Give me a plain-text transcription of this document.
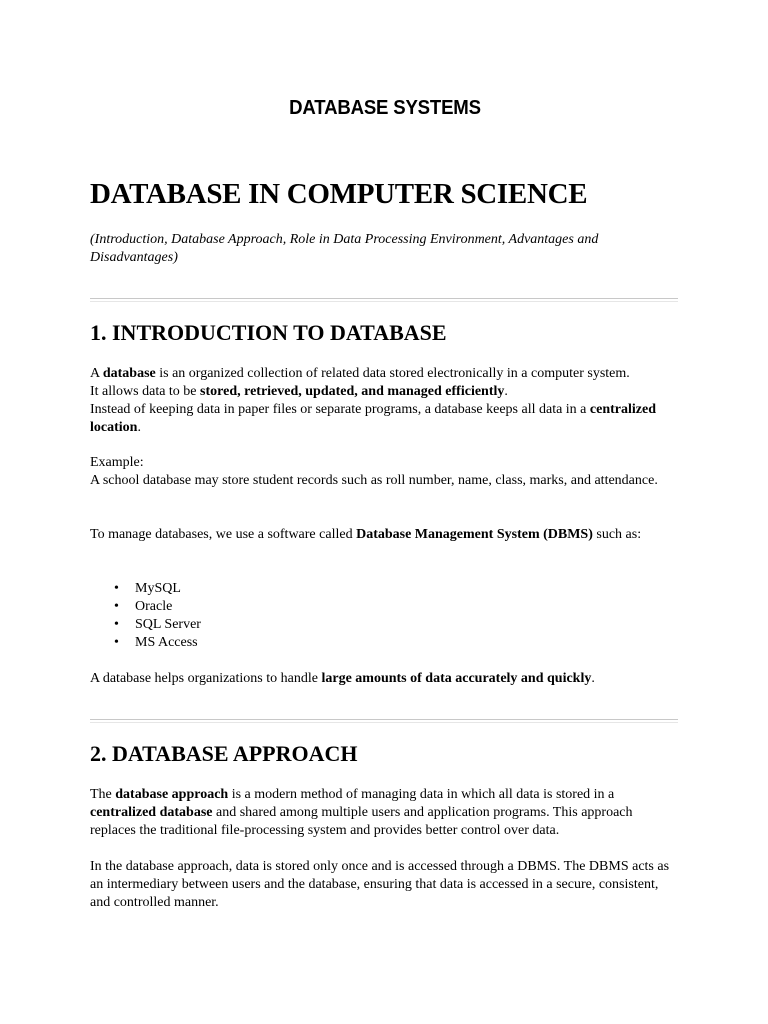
DATABASE SYSTEMS
DATABASE IN COMPUTER SCIENCE
(Introduction, Database Approach, Role in Data Processing Environment, Advantages and Disadvantages)
1. INTRODUCTION TO DATABASE
A database is an organized collection of related data stored electronically in a computer system.
It allows data to be stored, retrieved, updated, and managed efficiently.
Instead of keeping data in paper files or separate programs, a database keeps all data in a centralized location.
Example:
A school database may store student records such as roll number, name, class, marks, and attendance.
To manage databases, we use a software called Database Management System (DBMS) such as:
• MySQL
• Oracle
• SQL Server
• MS Access
A database helps organizations to handle large amounts of data accurately and quickly.
2. DATABASE APPROACH
The database approach is a modern method of managing data in which all data is stored in a centralized database and shared among multiple users and application programs. This approach replaces the traditional file-processing system and provides better control over data.
In the database approach, data is stored only once and is accessed through a DBMS. The DBMS acts as an intermediary between users and the database, ensuring that data is accessed in a secure, consistent, and controlled manner.
